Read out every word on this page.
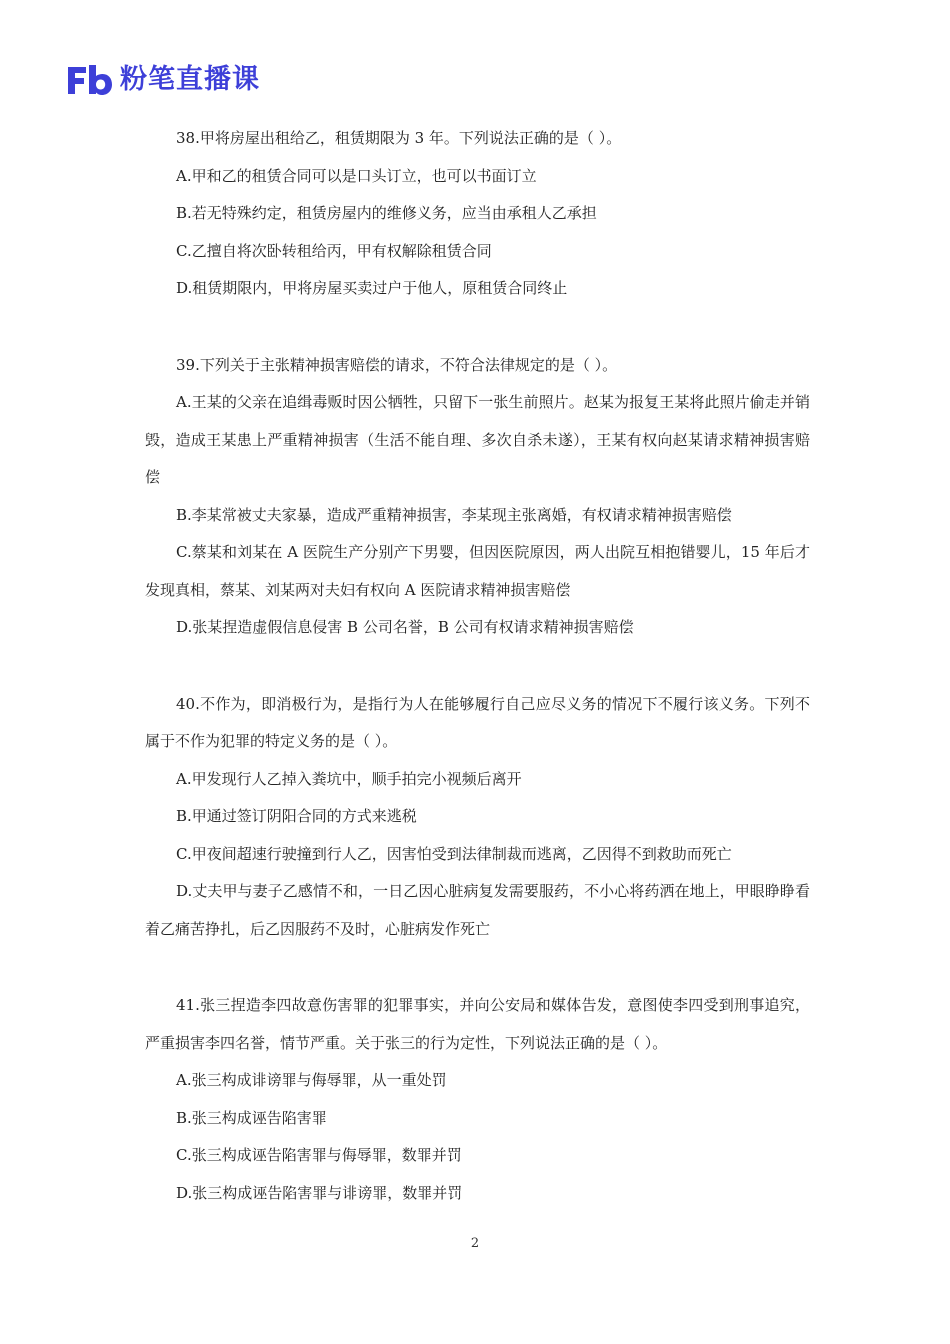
粉笔直播课

38.甲将房屋出租给乙，租赁期限为 3 年。下列说法正确的是（ ）。

A.甲和乙的租赁合同可以是口头订立，也可以书面订立

B.若无特殊约定，租赁房屋内的维修义务，应当由承租人乙承担

C.乙擅自将次卧转租给丙，甲有权解除租赁合同

D.租赁期限内，甲将房屋买卖过户于他人，原租赁合同终止

39.下列关于主张精神损害赔偿的请求，不符合法律规定的是（ ）。

A.王某的父亲在追缉毒贩时因公牺牲，只留下一张生前照片。赵某为报复王某将此照片偷走并销毁，造成王某患上严重精神损害（生活不能自理、多次自杀未遂），王某有权向赵某请求精神损害赔偿

B.李某常被丈夫家暴，造成严重精神损害，李某现主张离婚，有权请求精神损害赔偿

C.蔡某和刘某在 A 医院生产分别产下男婴，但因医院原因，两人出院互相抱错婴儿，15 年后才发现真相，蔡某、刘某两对夫妇有权向 A 医院请求精神损害赔偿

D.张某捏造虚假信息侵害 B 公司名誉，B 公司有权请求精神损害赔偿

40.不作为，即消极行为，是指行为人在能够履行自己应尽义务的情况下不履行该义务。下列不属于不作为犯罪的特定义务的是（ ）。

A.甲发现行人乙掉入粪坑中，顺手拍完小视频后离开

B.甲通过签订阴阳合同的方式来逃税

C.甲夜间超速行驶撞到行人乙，因害怕受到法律制裁而逃离，乙因得不到救助而死亡

D.丈夫甲与妻子乙感情不和，一日乙因心脏病复发需要服药，不小心将药洒在地上，甲眼睁睁看着乙痛苦挣扎，后乙因服药不及时，心脏病发作死亡

41.张三捏造李四故意伤害罪的犯罪事实，并向公安局和媒体告发，意图使李四受到刑事追究，严重损害李四名誉，情节严重。关于张三的行为定性，下列说法正确的是（ ）。

A.张三构成诽谤罪与侮辱罪，从一重处罚

B.张三构成诬告陷害罪

C.张三构成诬告陷害罪与侮辱罪，数罪并罚

D.张三构成诬告陷害罪与诽谤罪，数罪并罚

2
